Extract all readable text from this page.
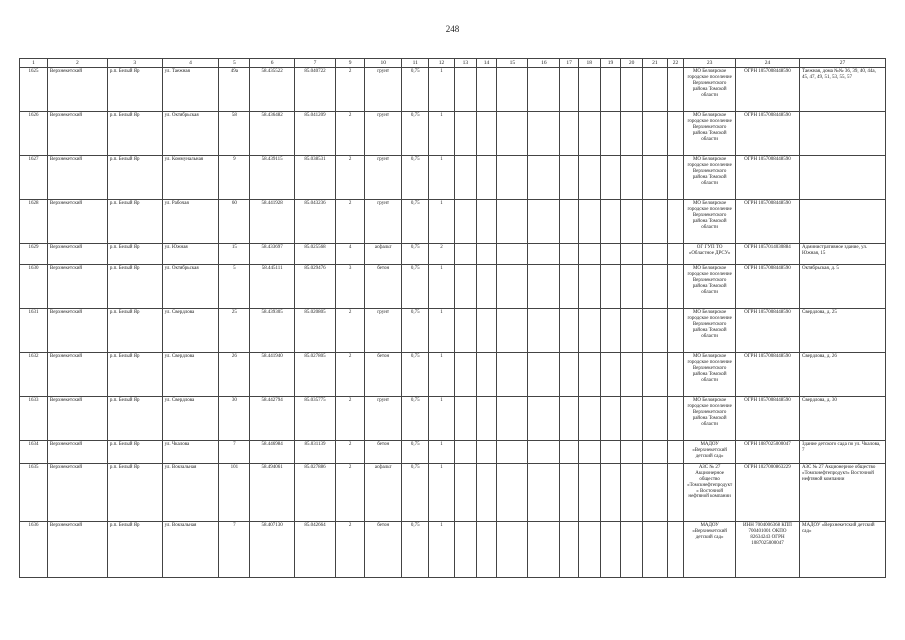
248
1	2	3	4	5	6	7	9	10	11	12	13	14	15	16	17	18	19	20	21	22	23	24	27
1625	Верхнекетский	р.п. Белый Яр	ул. Таежная	49а	58.435522	85.040722	2	грунт	0,75	1											МО Белоярское городское поселение Верхнекетского района Томской области	ОГРН 1057008448590	Таежная, дома №№ 36, 39, 40, 44а, 45, 47, 49, 51, 53, 55, 57
1626	Верхнекетский	р.п. Белый Яр	ул. Октябрьская	58	58.436482	85.041209	2	грунт	0,75	1											МО Белоярское городское поселение Верхнекетского района Томской области	ОГРН 1057008448590	
1627	Верхнекетский	р.п. Белый Яр	ул. Коммунальная	9	58.439115	85.038531	2	грунт	0,75	1											МО Белоярское городское поселение Верхнекетского района Томской области	ОГРН 1057008448590	
1628	Верхнекетский	р.п. Белый Яр	ул. Рабочая	60	58.441928	85.043236	2	грунт	0,75	1											МО Белоярское городское поселение Верхнекетского района Томской области	ОГРН 1057008448590	
1629	Верхнекетский	р.п. Белый Яр	ул. Южная	15	58.433697	85.025568	4	асфальт	0,75	2											ОГ ГУП ТО «Областное ДРСУ»	ОГРН 1057014030884	Административное здание, ул. Южная, 15
1630	Верхнекетский	р.п. Белый Яр	ул. Октябрьская	5	58.445111	85.029476	3	бетон	0,75	1											МО Белоярское городское поселение Верхнекетского района Томской области	ОГРН 1057008448590	Октябрьская, д. 5
1631	Верхнекетский	р.п. Белый Яр	ул. Свердлова	25	58.439305	85.020805	2	грунт	0,75	1											МО Белоярское городское поселение Верхнекетского района Томской области	ОГРН 1057008448590	Свердлова, д. 25
1632	Верхнекетский	р.п. Белый Яр	ул. Свердлова	26	58.441940	85.027805	2	бетон	0,75	1											МО Белоярское городское поселение Верхнекетского района Томской области	ОГРН 1057008448590	Свердлова, д. 26
1633	Верхнекетский	р.п. Белый Яр	ул. Свердлова	30	58.442794	85.035775	2	грунт	0,75	1											МО Белоярское городское поселение Верхнекетского района Томской области	ОГРН 1057008448590	Свердлова, д. 30
1634	Верхнекетский	р.п. Белый Яр	ул. Чкалова	7	58.446984	85.031139	2	бетон	0,75	1											МАДОУ «Верхнекетский детский сад»	ОГРН 1087025000047	Здание детского сада по ул. Чкалова, 7
1635	Верхнекетский	р.п. Белый Яр	ул. Вокзальная	101	58.494061	85.027886	2	асфальт	0,75	1											АЗС № 27 Акционерное общество «Томскнефтепродукт» Восточной нефтяной компании	ОГРН 1027000863229	АЗС № 27 Акционерное общество «Томскнефтепродукт» Восточной нефтяной компании
1636	Верхнекетский	р.п. Белый Яр	ул. Вокзальная	7	58.407130	85.042664	2	бетон	0,75	1											МАДОУ «Верхнекетский детский сад»	ИНН 7004006368 КПП 700401001 ОКПО 82634243 ОГРН 1087025000047	МАДОУ «Верхнекетский детский сад»
